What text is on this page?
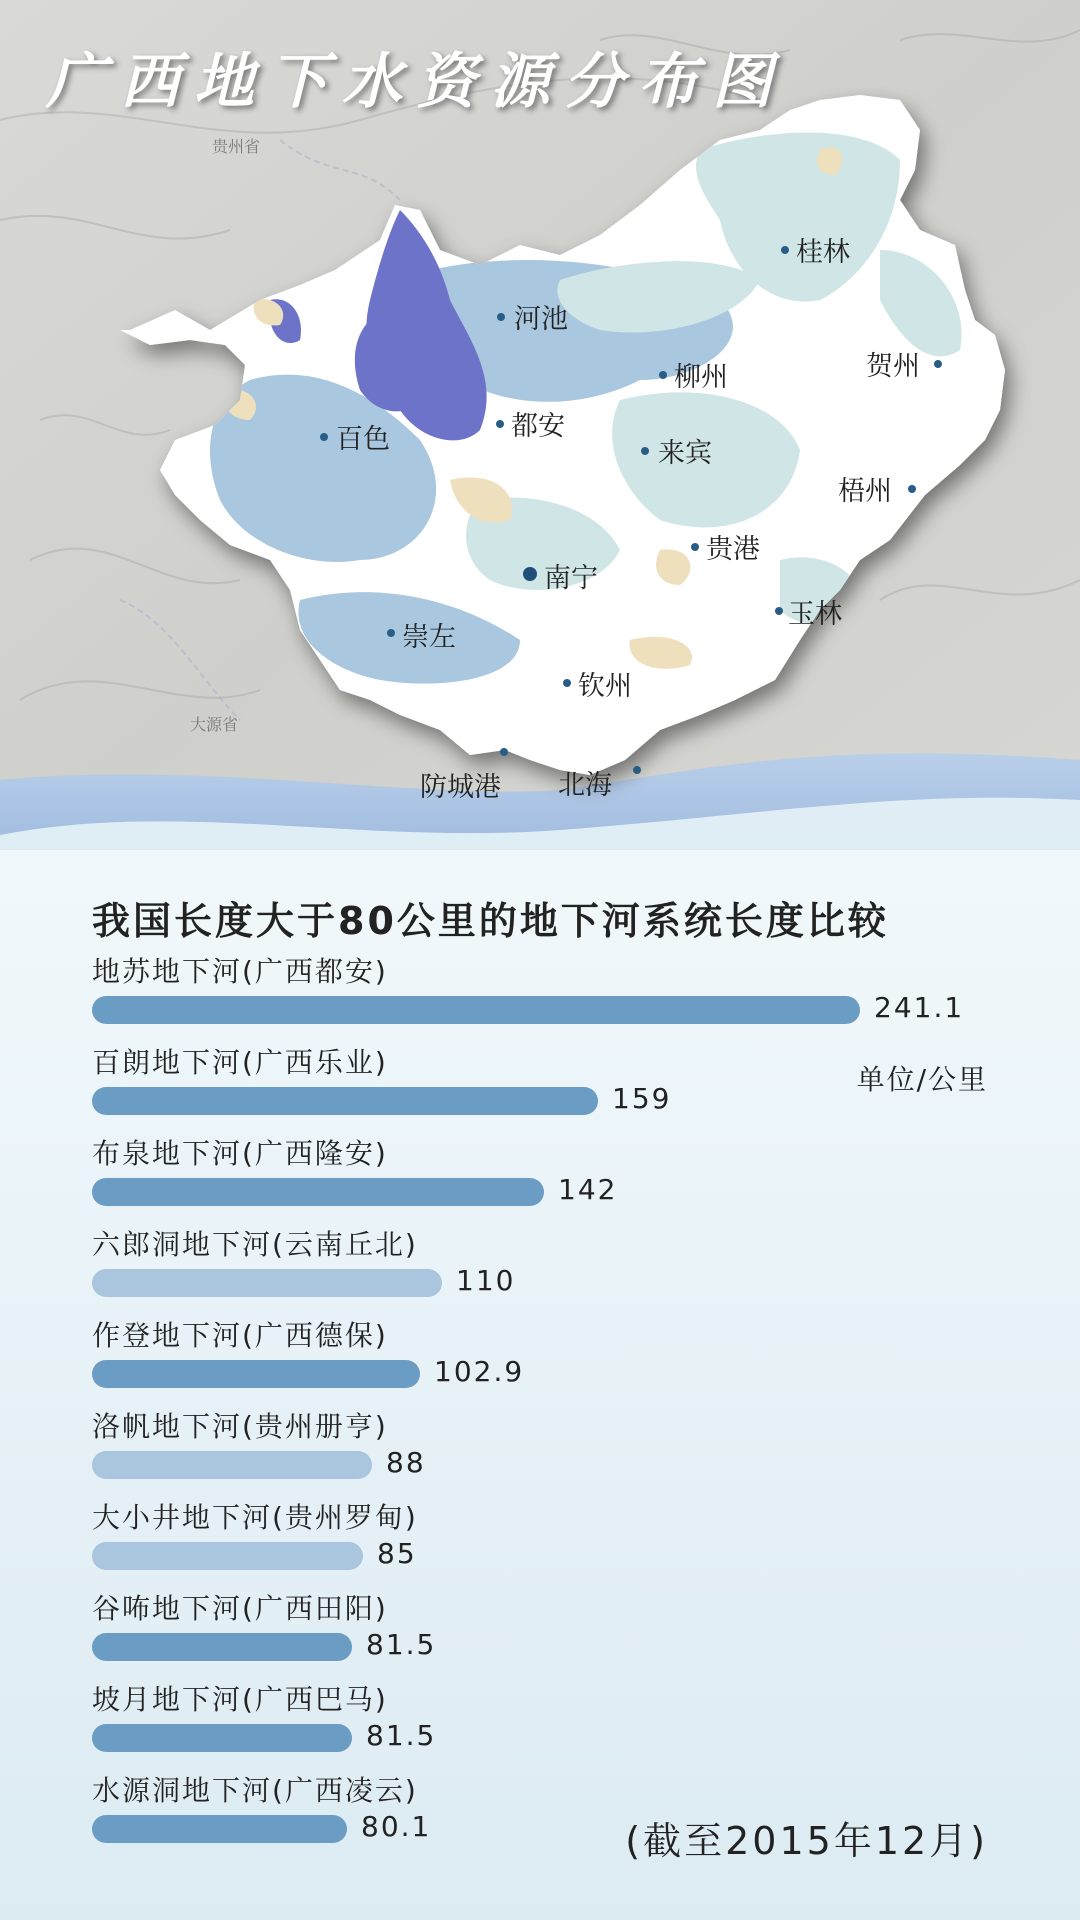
广西地下水资源分布图
贵州省
大源省
桂林
河池
柳州	贺州
百色	都安
来宾
梧州
贵港
南宁
玉林
崇左
钦州
防城港 北海
我国长度大于80公里的地下河系统长度比较
单位/公里
地苏地下河(广西都安)
241.1
百朗地下河(广西乐业)
159
布泉地下河(广西隆安)
142
六郎洞地下河(云南丘北)
110
作登地下河(广西德保)
102.9
洛帆地下河(贵州册亨)
88
大小井地下河(贵州罗甸)
85
谷咘地下河(广西田阳)
81.5
坡月地下河(广西巴马)
81.5
水源洞地下河(广西凌云)
80.1	(截至2015年12月)
